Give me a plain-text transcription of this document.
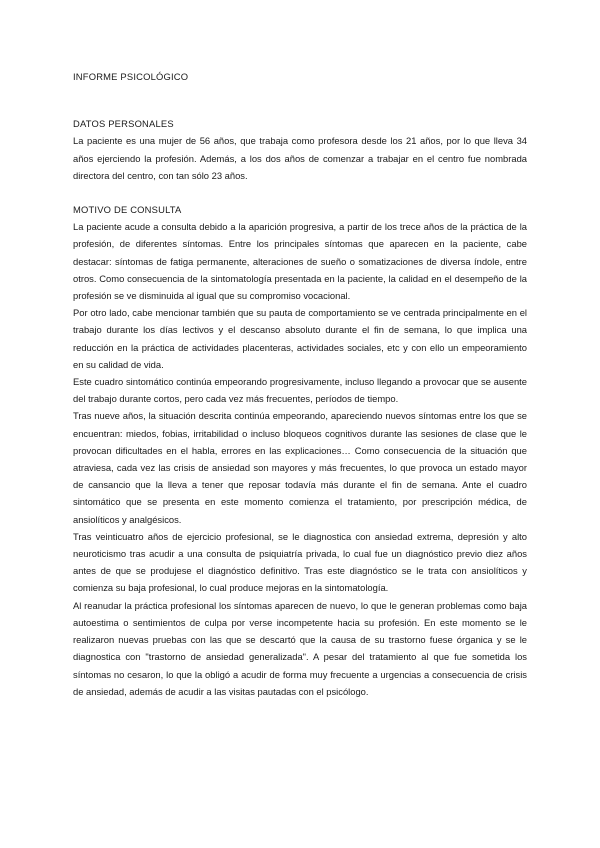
INFORME PSICOLÓGICO
DATOS PERSONALES

La paciente es una mujer de 56 años, que trabaja como profesora desde los 21 años, por lo que lleva 34 años ejerciendo la profesión. Además, a los dos años de comenzar a trabajar en el centro fue nombrada directora del centro, con tan sólo 23 años.

MOTIVO DE CONSULTA

La paciente acude a consulta debido a la aparición progresiva, a partir de los trece años de la práctica de la profesión, de diferentes síntomas. Entre los principales síntomas que aparecen en la paciente, cabe destacar: síntomas de fatiga permanente, alteraciones de sueño o somatizaciones de diversa índole, entre otros. Como consecuencia de la sintomatología presentada en la paciente, la calidad en el desempeño de la profesión se ve disminuida al igual que su compromiso vocacional.

Por otro lado, cabe mencionar también que su pauta de comportamiento se ve centrada principalmente en el trabajo durante los días lectivos y el descanso absoluto durante el fin de semana, lo que implica una reducción en la práctica de actividades placenteras, actividades sociales, etc y con ello un empeoramiento en su calidad de vida.

Este cuadro sintomático continúa empeorando progresivamente, incluso llegando a provocar que se ausente del trabajo durante cortos, pero cada vez más frecuentes, períodos de tiempo.

Tras nueve años, la situación descrita continúa empeorando, apareciendo nuevos síntomas entre los que se encuentran: miedos, fobias, irritabilidad o incluso bloqueos cognitivos durante las sesiones de clase que le provocan dificultades en el habla, errores en las explicaciones… Como consecuencia de la situación que atraviesa, cada vez las crisis de ansiedad son mayores y más frecuentes, lo que provoca un estado mayor de cansancio que la lleva a tener que reposar todavía más durante el fin de semana. Ante el cuadro sintomático que se presenta en este momento comienza el tratamiento, por prescripción médica, de ansiolíticos y analgésicos.

Tras veinticuatro años de ejercicio profesional, se le diagnostica con ansiedad extrema, depresión y alto neuroticismo tras acudir a una consulta de psiquiatría privada, lo cual fue un diagnóstico previo diez años antes de que se produjese el diagnóstico definitivo. Tras este diagnóstico se le trata con ansiolíticos y comienza su baja profesional, lo cual produce mejoras en la sintomatología.

Al reanudar la práctica profesional los síntomas aparecen de nuevo, lo que le generan problemas como baja autoestima o sentimientos de culpa por verse incompetente hacia su profesión. En este momento se le realizaron nuevas pruebas con las que se descartó que la causa de su trastorno fuese órganica y se le diagnostica con "trastorno de ansiedad generalizada". A pesar del tratamiento al que fue sometida los síntomas no cesaron, lo que la obligó a acudir de forma muy frecuente a urgencias a consecuencia de crisis de ansiedad, además de acudir a las visitas pautadas con el psicólogo.
